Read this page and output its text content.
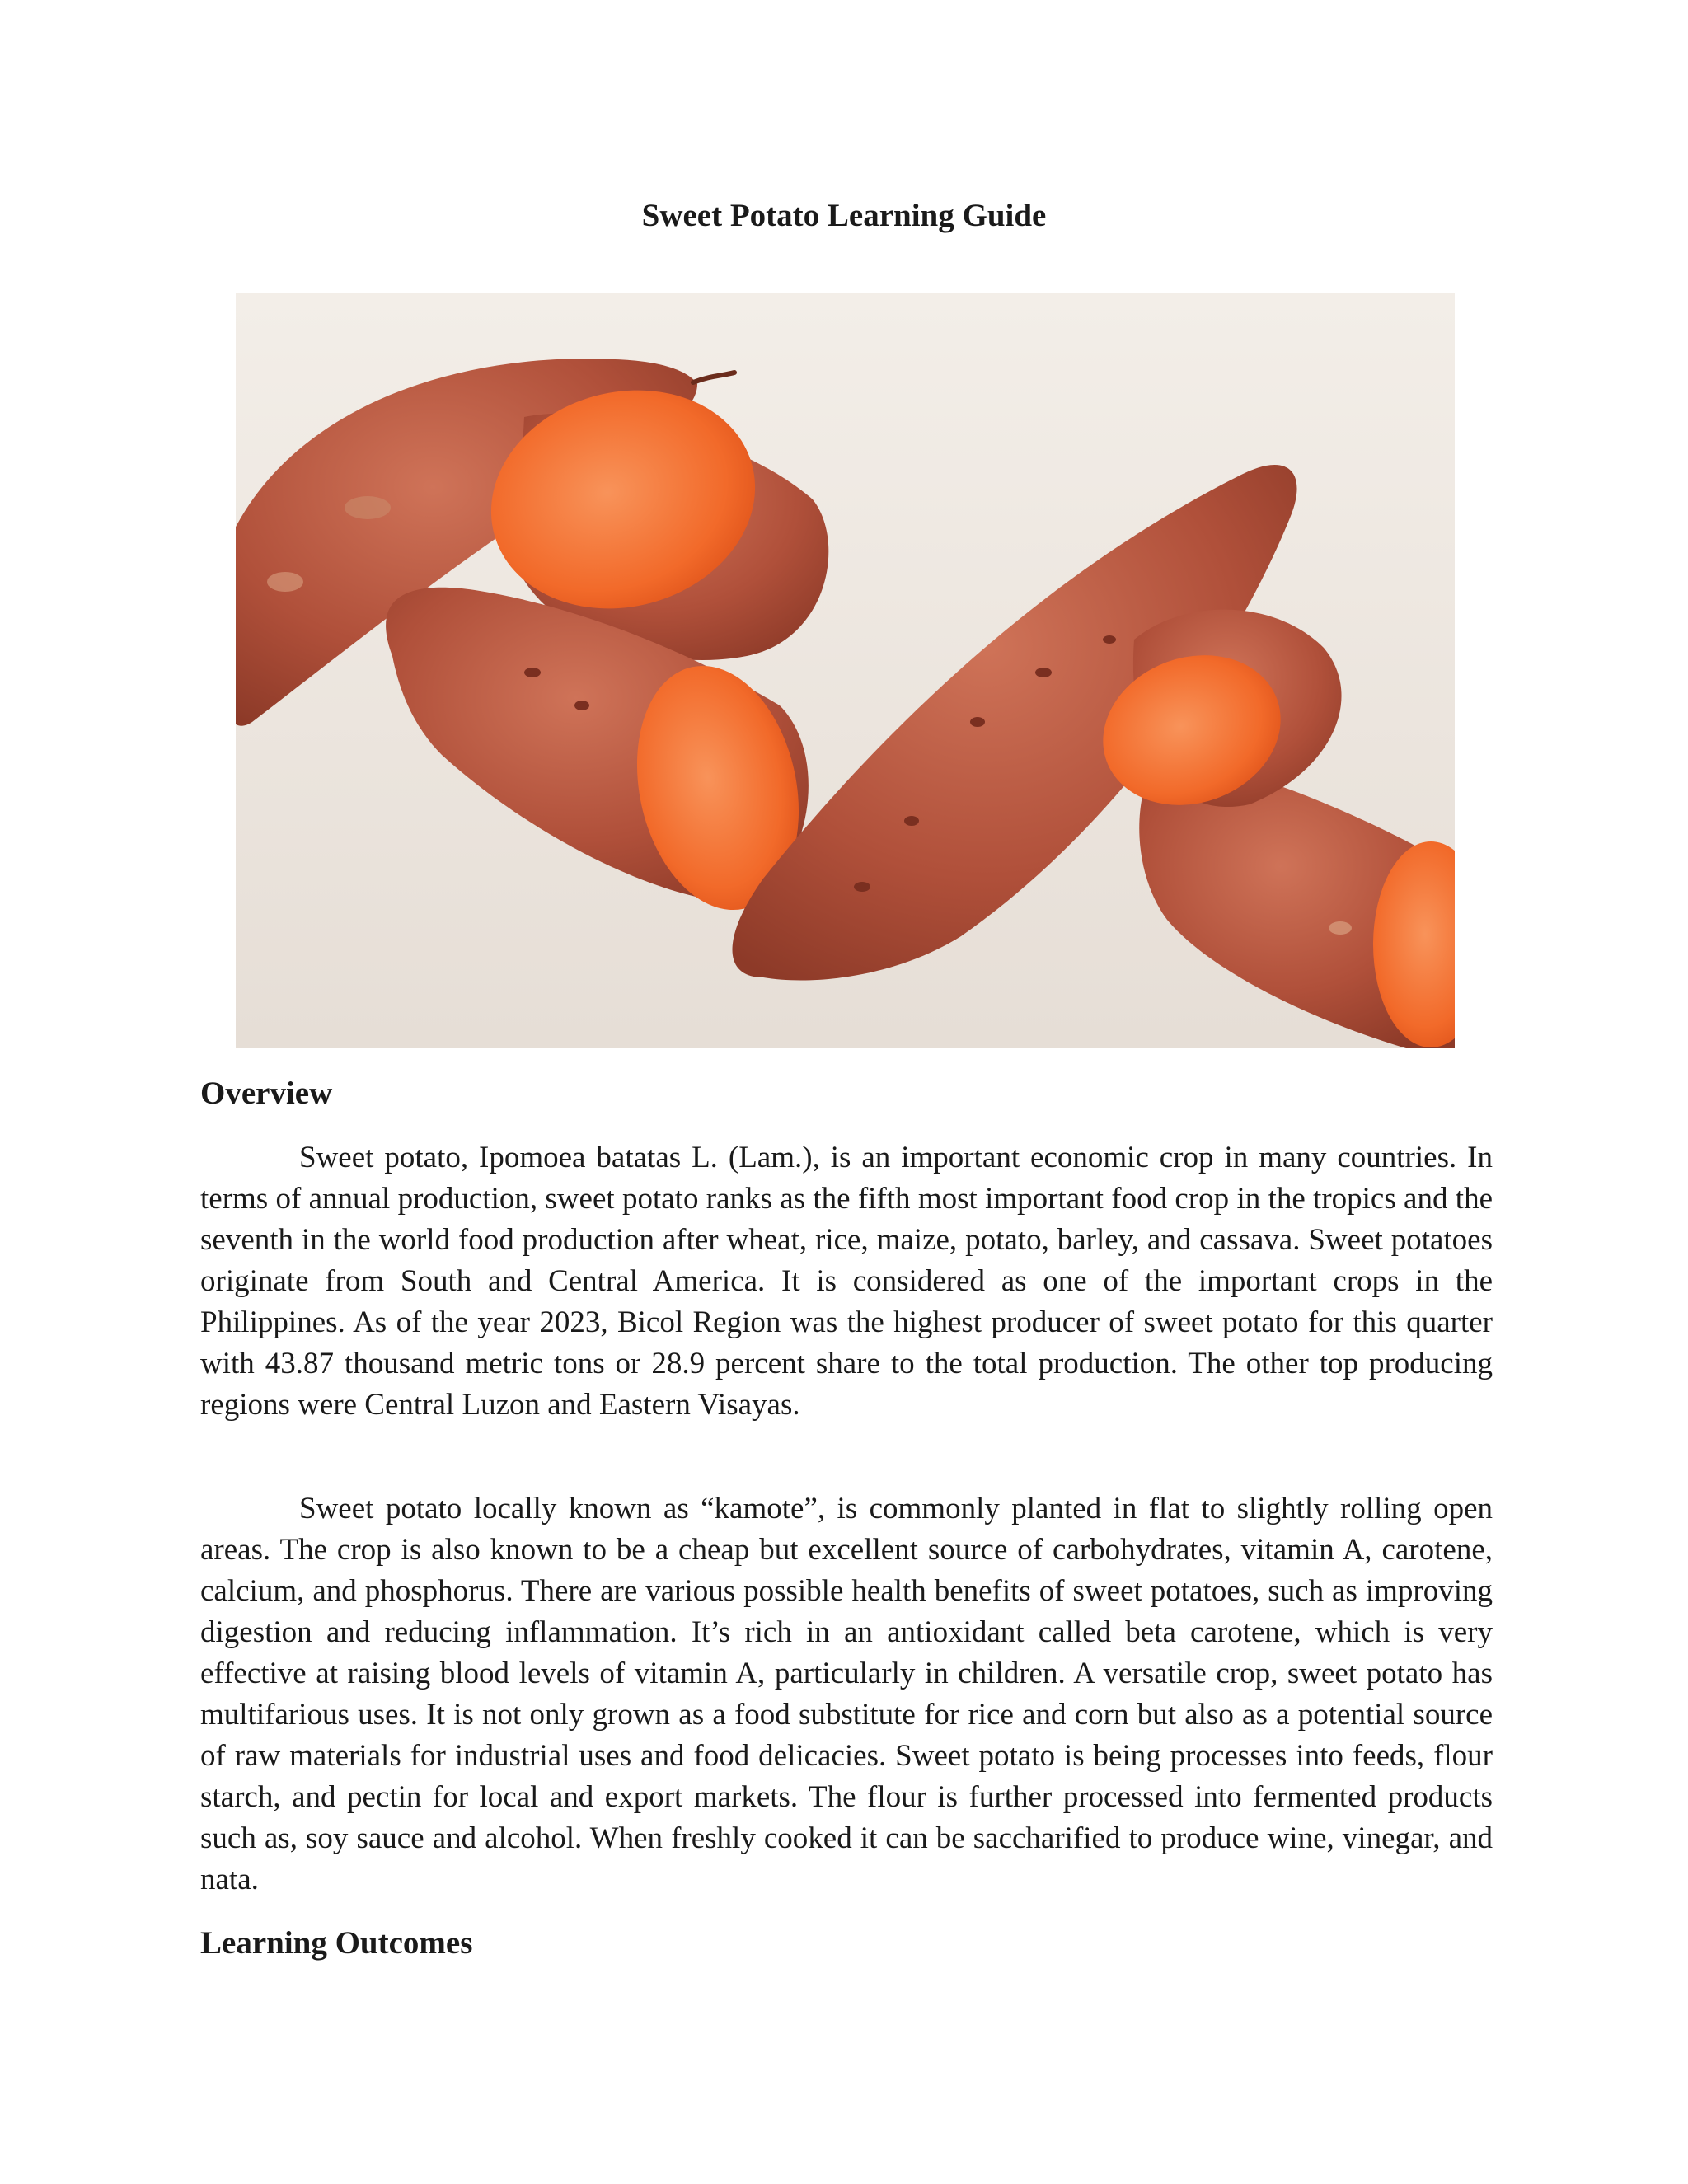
Sweet Potato Learning Guide
Overview

Sweet potato, Ipomoea batatas L. (Lam.), is an important economic crop in many countries. In terms of annual production, sweet potato ranks as the fifth most important food crop in the tropics and the seventh in the world food production after wheat, rice, maize, potato, barley, and cassava. Sweet potatoes originate from South and Central America. It is considered as one of the important crops in the Philippines. As of the year 2023, Bicol Region was the highest producer of sweet potato for this quarter with 43.87 thousand metric tons or 28.9 percent share to the total production. The other top producing regions were Central Luzon and Eastern Visayas.

Sweet potato locally known as “kamote”, is commonly planted in flat to slightly rolling open areas. The crop is also known to be a cheap but excellent source of carbohydrates, vitamin A, carotene, calcium, and phosphorus. There are various possible health benefits of sweet potatoes, such as improving digestion and reducing inflammation. It’s rich in an antioxidant called beta carotene, which is very effective at raising blood levels of vitamin A, particularly in children. A versatile crop, sweet potato has multifarious uses. It is not only grown as a food substitute for rice and corn but also as a potential source of raw materials for industrial uses and food delicacies. Sweet potato is being processes into feeds, flour starch, and pectin for local and export markets. The flour is further processed into fermented products such as, soy sauce and alcohol. When freshly cooked it can be saccharified to produce wine, vinegar, and nata.

Learning Outcomes
